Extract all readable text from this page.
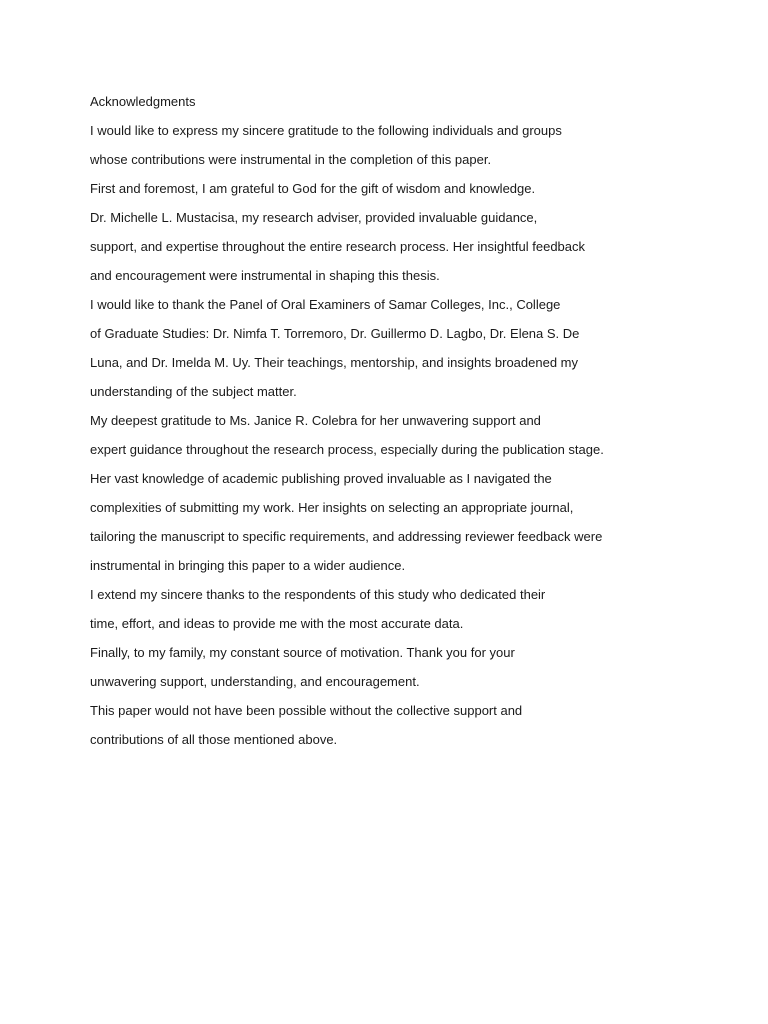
Acknowledgments
I would like to express my sincere gratitude to the following individuals and groups
whose contributions were instrumental in the completion of this paper.
First and foremost, I am grateful to God for the gift of wisdom and knowledge.
Dr. Michelle L. Mustacisa, my research adviser, provided invaluable guidance,
support, and expertise throughout the entire research process. Her insightful feedback
and encouragement were instrumental in shaping this thesis.
I would like to thank the Panel of Oral Examiners of Samar Colleges, Inc., College
of Graduate Studies: Dr. Nimfa T. Torremoro, Dr. Guillermo D. Lagbo, Dr. Elena S. De
Luna, and Dr. Imelda M. Uy. Their teachings, mentorship, and insights broadened my
understanding of the subject matter.
My deepest gratitude to Ms. Janice R. Colebra for her unwavering support and
expert guidance throughout the research process, especially during the publication stage.
Her vast knowledge of academic publishing proved invaluable as I navigated the
complexities of submitting my work. Her insights on selecting an appropriate journal,
tailoring the manuscript to specific requirements, and addressing reviewer feedback were
instrumental in bringing this paper to a wider audience.
I extend my sincere thanks to the respondents of this study who dedicated their
time, effort, and ideas to provide me with the most accurate data.
Finally, to my family, my constant source of motivation. Thank you for your
unwavering support, understanding, and encouragement.
This paper would not have been possible without the collective support and
contributions of all those mentioned above.
